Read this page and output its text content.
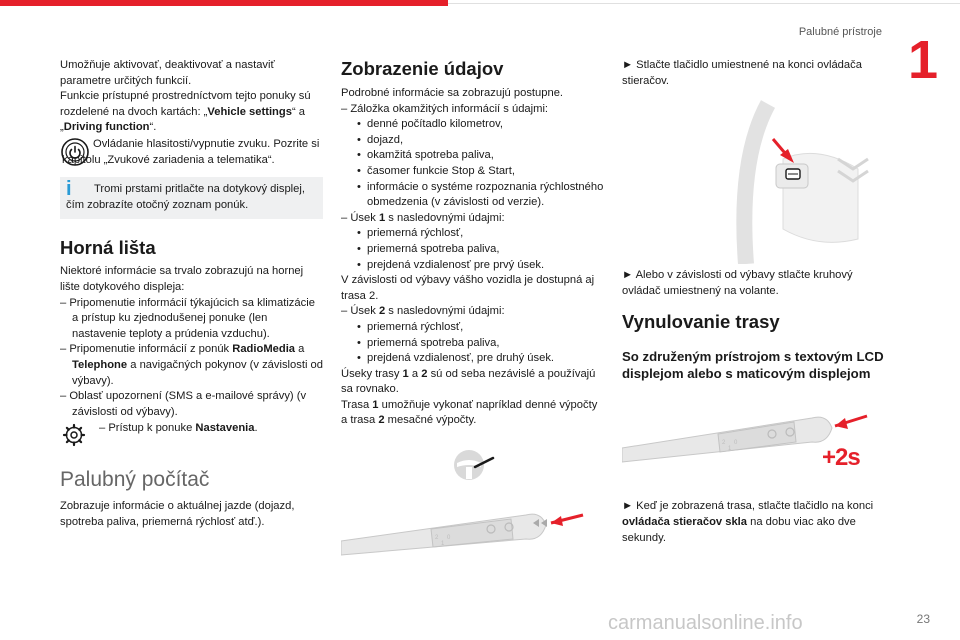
Palubné prístroje 1

Umožňuje aktivovať, deaktivovať a nastaviť parametre určitých funkcií.

Funkcie prístupné prostredníctvom tejto ponuky sú rozdelené na dvoch kartách: „Vehicle settings“ a „Driving function“.

Ovládanie hlasitosti/vypnutie zvuku. Pozrite si kapitolu „Zvukové zariadenia a telematika“.

i Tromi prstami pritlačte na dotykový displej, čím zobrazíte otočný zoznam ponúk.

Horná lišta

Niektoré informácie sa trvalo zobrazujú na hornej lište dotykového displeja:

– Pripomenutie informácií týkajúcich sa klimatizácie a prístup ku zjednodušenej ponuke (len nastavenie teploty a prúdenia vzduchu).

– Pripomenutie informácií z ponúk RadioMedia a Telephone a navigačných pokynov (v závislosti od výbavy).

– Oblasť upozornení (SMS a e-mailové správy) (v závislosti od výbavy).

– Prístup k ponuke Nastavenia.

Palubný počítač

Zobrazuje informácie o aktuálnej jazde (dojazd, spotreba paliva, priemerná rýchlosť atď.).

Zobrazenie údajov

Podrobné informácie sa zobrazujú postupne.

– Záložka okamžitých informácií s údajmi:

• denné počítadlo kilometrov,

• dojazd,

• okamžitá spotreba paliva,

• časomer funkcie Stop & Start,

• informácie o systéme rozpoznania rýchlostného obmedzenia (v závislosti od verzie).

– Úsek 1 s nasledovnými údajmi:

• priemerná rýchlosť,

• priemerná spotreba paliva,

• prejdená vzdialenosť pre prvý úsek.

V závislosti od výbavy vášho vozidla je dostupná aj trasa 2.

– Úsek 2 s nasledovnými údajmi:

• priemerná rýchlosť,

• priemerná spotreba paliva,

• prejdená vzdialenosť, pre druhý úsek.

Úseky trasy 1 a 2 sú od seba nezávislé a používajú sa rovnako.

Trasa 1 umožňuje vykonať napríklad denné výpočty a trasa 2 mesačné výpočty.

2
1
0

► Stlačte tlačidlo umiestnené na konci ovládača stieračov.

► Alebo v závislosti od výbavy stlačte kruhový ovládač umiestnený na volante.

Vynulovanie trasy
So združeným prístrojom s textovým LCD displejom alebo s maticovým displejom
2
1
0
+2s

► Keď je zobrazená trasa, stlačte tlačidlo na konci ovládača stieračov skla na dobu viac ako dve sekundy.

carmanualsonline.info	23
